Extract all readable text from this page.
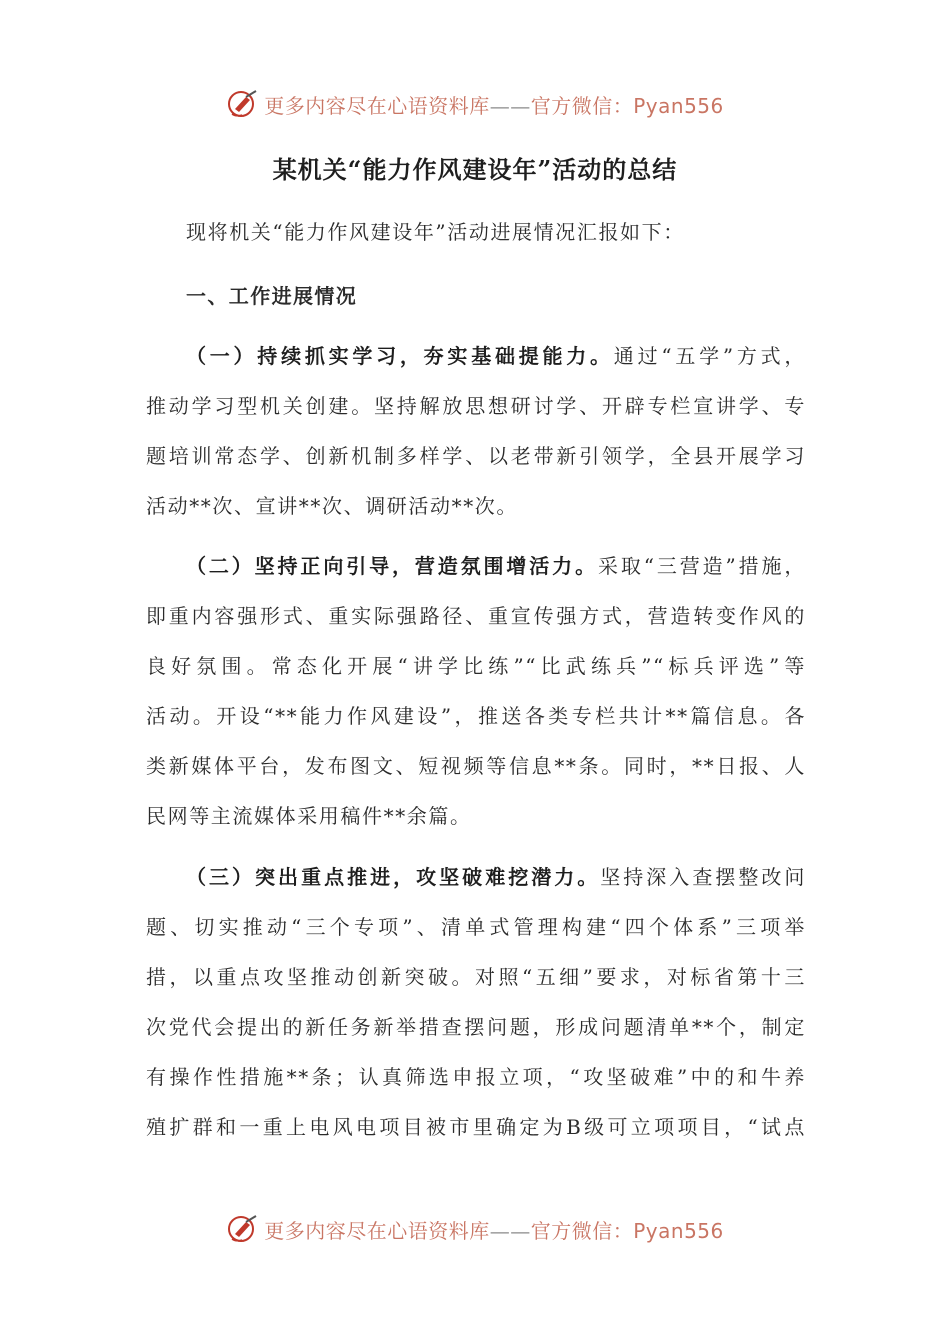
更多内容尽在心语资料库——官方微信：Pyan556
某机关“能力作风建设年”活动的总结
现将机关“能力作风建设年”活动进展情况汇报如下：
一、工作进展情况
（一）持续抓实学习，夯实基础提能力。通过“五学”方式，
推动学习型机关创建。坚持解放思想研讨学、开辟专栏宣讲学、专
题培训常态学、创新机制多样学、以老带新引领学，全县开展学习
活动**次、宣讲**次、调研活动**次。
（二）坚持正向引导，营造氛围增活力。采取“三营造”措施，
即重内容强形式、重实际强路径、重宣传强方式，营造转变作风的
良好氛围。常态化开展“讲学比练”“比武练兵”“标兵评选”等
活动。开设“**能力作风建设”，推送各类专栏共计**篇信息。各
类新媒体平台，发布图文、短视频等信息**条。同时，**日报、人
民网等主流媒体采用稿件**余篇。
（三）突出重点推进，攻坚破难挖潜力。坚持深入查摆整改问
题、切实推动“三个专项”、清单式管理构建“四个体系”三项举
措，以重点攻坚推动创新突破。对照“五细”要求，对标省第十三
次党代会提出的新任务新举措查摆问题，形成问题清单**个，制定
有操作性措施**条；认真筛选申报立项，“攻坚破难”中的和牛养
殖扩群和一重上电风电项目被市里确定为B级可立项项目，“试点
更多内容尽在心语资料库——官方微信：Pyan556
